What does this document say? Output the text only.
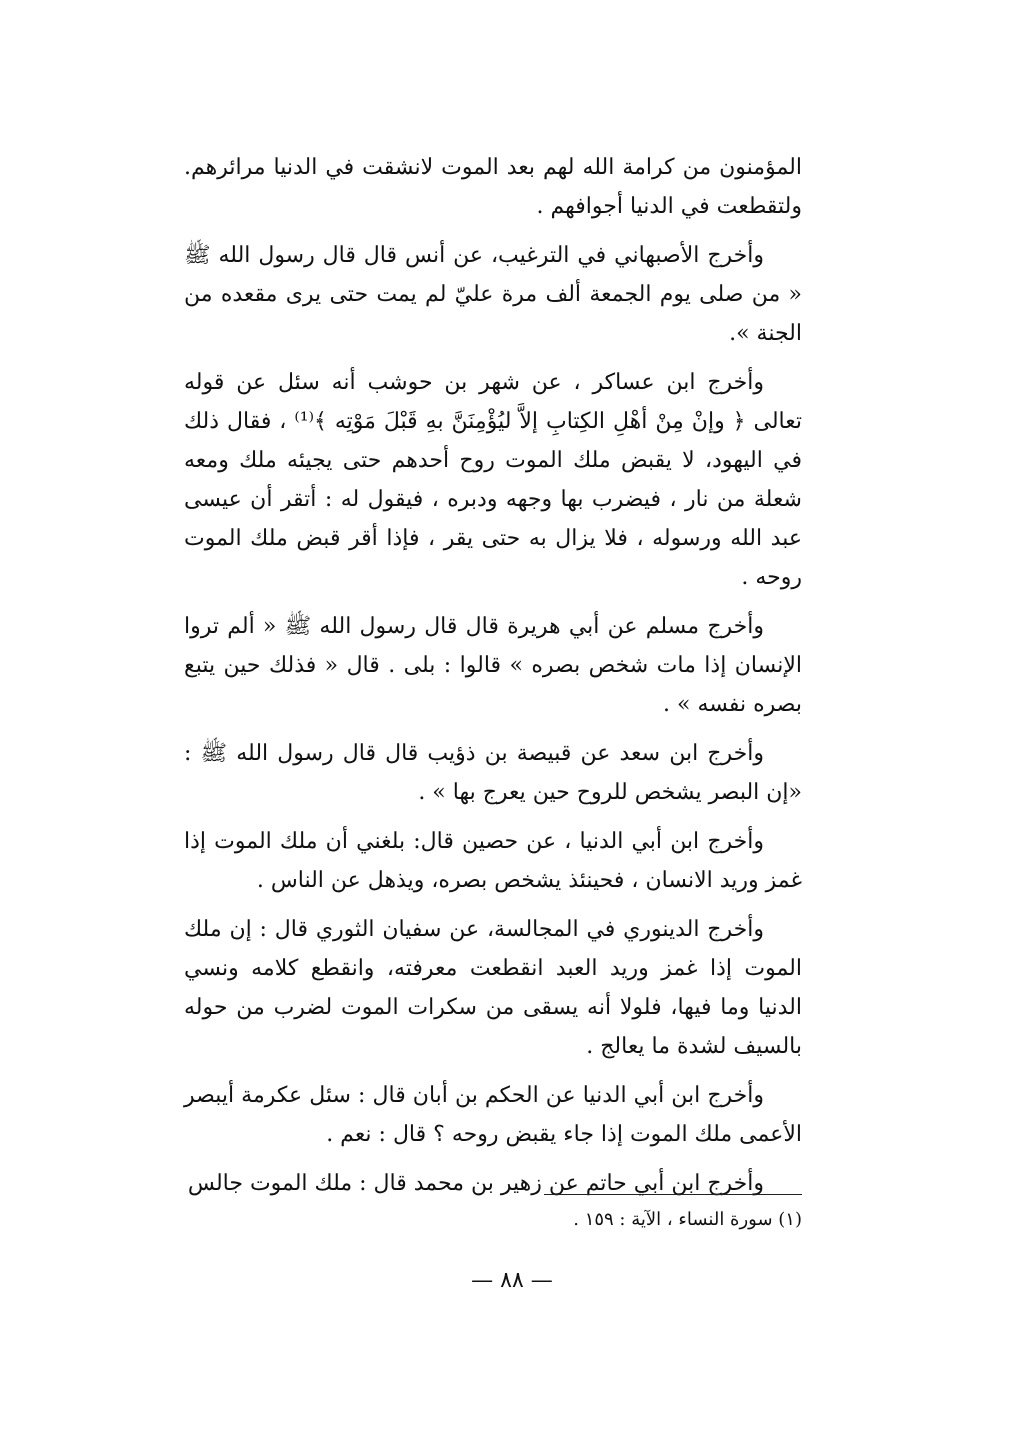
المؤمنون من كرامة الله لهم بعد الموت لانشقت في الدنيا مرائرهم. ولتقطعت في الدنيا أجوافهم .

وأخرج الأصبهاني في الترغيب، عن أنس قال قال رسول الله ﷺ « من صلى يوم الجمعة ألف مرة عليّ لم يمت حتى يرى مقعده من الجنة ».

وأخرج ابن عساكر ، عن شهر بن حوشب أنه سئل عن قوله تعالى ﴿ وإنْ مِنْ أهْلِ الكِتابِ إلاَّ ليُؤْمِنَنَّ بهِ قَبْلَ مَوْتِه ﴾⁽¹⁾ ، فقال ذلك في اليهود، لا يقبض ملك الموت روح أحدهم حتى يجيئه ملك ومعه شعلة من نار ، فيضرب بها وجهه ودبره ، فيقول له : أتقر أن عيسى عبد الله ورسوله ، فلا يزال به حتى يقر ، فإذا أقر قبض ملك الموت روحه .

وأخرج مسلم عن أبي هريرة قال قال رسول الله ﷺ « ألم تروا الإنسان إذا مات شخص بصره » قالوا : بلى . قال « فذلك حين يتبع بصره نفسه » .

وأخرج ابن سعد عن قبيصة بن ذؤيب قال قال رسول الله ﷺ : «إن البصر يشخص للروح حين يعرج بها » .

وأخرج ابن أبي الدنيا ، عن حصين قال: بلغني أن ملك الموت إذا غمز وريد الانسان ، فحينئذ يشخص بصره، ويذهل عن الناس .

وأخرج الدينوري في المجالسة، عن سفيان الثوري قال : إن ملك الموت إذا غمز وريد العبد انقطعت معرفته، وانقطع كلامه ونسي الدنيا وما فيها، فلولا أنه يسقى من سكرات الموت لضرب من حوله بالسيف لشدة ما يعالج .

وأخرج ابن أبي الدنيا عن الحكم بن أبان قال : سئل عكرمة أيبصر الأعمى ملك الموت إذا جاء يقبض روحه ؟ قال : نعم .

وأخرج ابن أبي حاتم عن زهير بن محمد قال : ملك الموت جالس

(١) سورة النساء ، الآية : ١٥٩ .
— ٨٨ —
